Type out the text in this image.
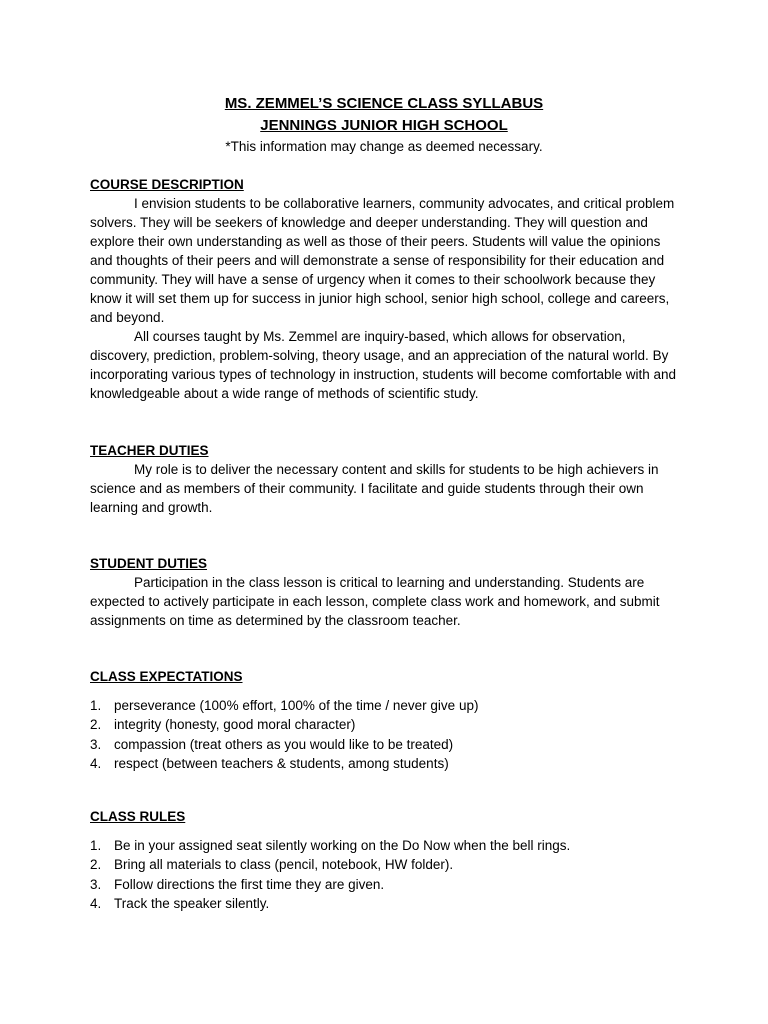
MS. ZEMMEL’S SCIENCE CLASS SYLLABUS
JENNINGS JUNIOR HIGH SCHOOL

*This information may change as deemed necessary.

COURSE DESCRIPTION

I envision students to be collaborative learners, community advocates, and critical problem solvers. They will be seekers of knowledge and deeper understanding. They will question and explore their own understanding as well as those of their peers. Students will value the opinions and thoughts of their peers and will demonstrate a sense of responsibility for their education and community. They will have a sense of urgency when it comes to their schoolwork because they know it will set them up for success in junior high school, senior high school, college and careers, and beyond.

All courses taught by Ms. Zemmel are inquiry-based, which allows for observation, discovery, prediction, problem-solving, theory usage, and an appreciation of the natural world. By incorporating various types of technology in instruction, students will become comfortable with and knowledgeable about a wide range of methods of scientific study.

TEACHER DUTIES

My role is to deliver the necessary content and skills for students to be high achievers in science and as members of their community. I facilitate and guide students through their own learning and growth.

STUDENT DUTIES

Participation in the class lesson is critical to learning and understanding. Students are expected to actively participate in each lesson, complete class work and homework, and submit assignments on time as determined by the classroom teacher.

CLASS EXPECTATIONS
1. perseverance (100% effort, 100% of the time / never give up)
2. integrity (honesty, good moral character)
3. compassion (treat others as you would like to be treated)
4. respect (between teachers & students, among students)
CLASS RULES
1. Be in your assigned seat silently working on the Do Now when the bell rings.
2. Bring all materials to class (pencil, notebook, HW folder).
3. Follow directions the first time they are given.
4. Track the speaker silently.
